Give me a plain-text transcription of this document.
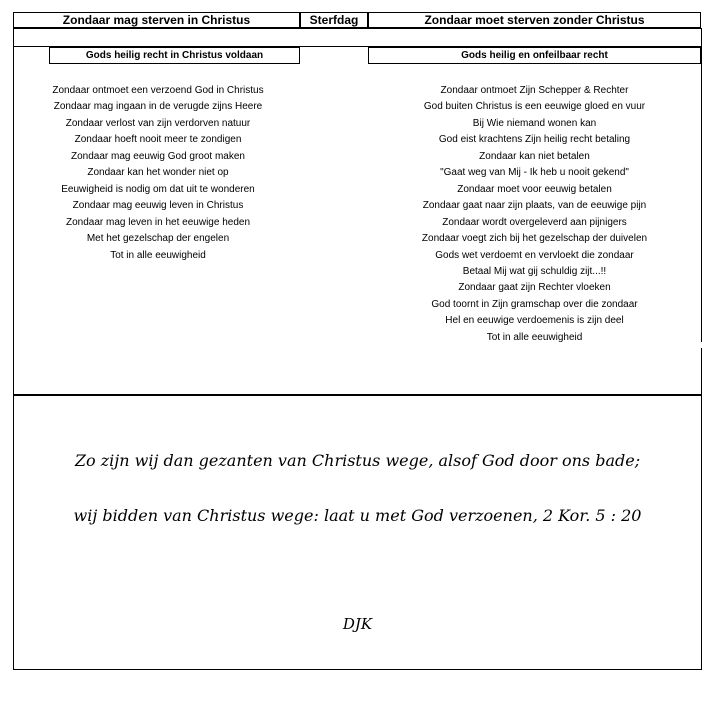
Zondaar mag sterven in Christus	Sterfdag	Zondaar moet sterven zonder Christus
Gods heilig recht in Christus voldaan	Gods heilig en onfeilbaar recht
Zondaar ontmoet een verzoend God in Christus
Zondaar mag ingaan in de verugde zijns Heere
Zondaar verlost van zijn verdorven natuur
Zondaar hoeft nooit meer te zondigen
Zondaar mag eeuwig God groot maken
Zondaar kan het wonder niet op
Eeuwigheid is nodig om dat uit te wonderen
Zondaar mag eeuwig leven in Christus
Zondaar mag leven in het eeuwige heden
Met het gezelschap der engelen
Tot in alle eeuwigheid
Zondaar ontmoet Zijn Schepper & Rechter
God buiten Christus is een eeuwige gloed en vuur
Bij Wie niemand wonen kan
God eist krachtens Zijn heilig recht betaling
Zondaar kan niet betalen
"Gaat weg van Mij - Ik heb u nooit gekend"
Zondaar moet voor eeuwig betalen
Zondaar gaat naar zijn plaats, van de eeuwige pijn
Zondaar wordt overgeleverd aan pijnigers
Zondaar voegt zich bij het gezelschap der duivelen
Gods wet verdoemt en vervloekt die zondaar
Betaal Mij wat gij schuldig zijt...!!
Zondaar gaat zijn Rechter vloeken
God toornt in Zijn gramschap over die zondaar
Hel en eeuwige verdoemenis is zijn deel
Tot in alle eeuwigheid
Zo zijn wij dan gezanten van Christus wege, alsof God door ons bade;
wij bidden van Christus wege: laat u met God verzoenen, 2 Kor. 5 : 20
DJK
